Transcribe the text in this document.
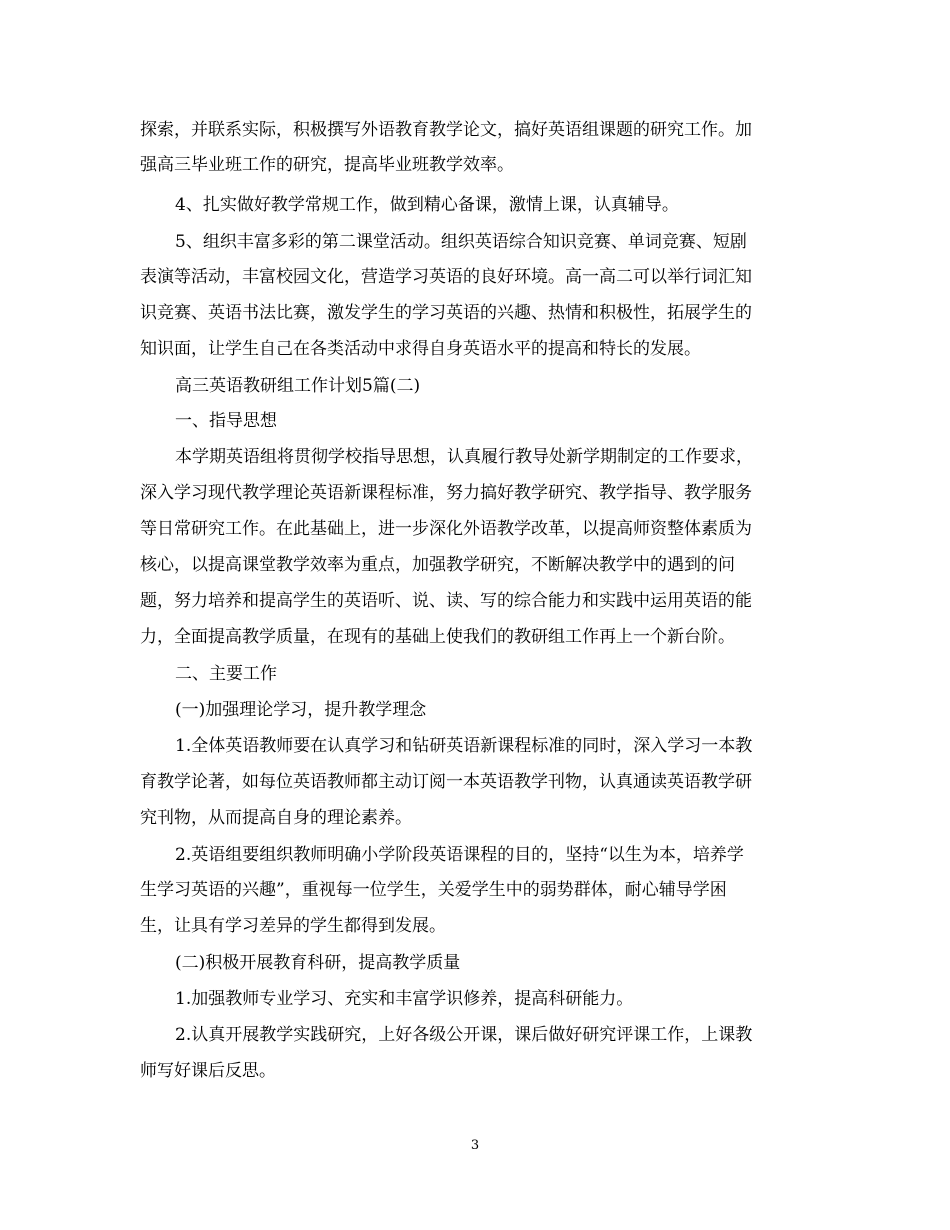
探索，并联系实际，积极撰写外语教育教学论文，搞好英语组课题的研究工作。加
强高三毕业班工作的研究，提高毕业班教学效率。
4、扎实做好教学常规工作，做到精心备课，激情上课，认真辅导。
5、组织丰富多彩的第二课堂活动。组织英语综合知识竞赛、单词竞赛、短剧
表演等活动，丰富校园文化，营造学习英语的良好环境。高一高二可以举行词汇知
识竞赛、英语书法比赛，激发学生的学习英语的兴趣、热情和积极性，拓展学生的
知识面，让学生自己在各类活动中求得自身英语水平的提高和特长的发展。
高三英语教研组工作计划5篇(二)
一、指导思想
本学期英语组将贯彻学校指导思想，认真履行教导处新学期制定的工作要求，
深入学习现代教学理论英语新课程标准，努力搞好教学研究、教学指导、教学服务
等日常研究工作。在此基础上，进一步深化外语教学改革，以提高师资整体素质为
核心，以提高课堂教学效率为重点，加强教学研究，不断解决教学中的遇到的问
题，努力培养和提高学生的英语听、说、读、写的综合能力和实践中运用英语的能
力，全面提高教学质量，在现有的基础上使我们的教研组工作再上一个新台阶。
二、主要工作
(一)加强理论学习，提升教学理念
1.全体英语教师要在认真学习和钻研英语新课程标准的同时，深入学习一本教
育教学论著，如每位英语教师都主动订阅一本英语教学刊物，认真通读英语教学研
究刊物，从而提高自身的理论素养。
2.英语组要组织教师明确小学阶段英语课程的目的，坚持“以生为本，培养学
生学习英语的兴趣”，重视每一位学生，关爱学生中的弱势群体，耐心辅导学困
生，让具有学习差异的学生都得到发展。
(二)积极开展教育科研，提高教学质量
1.加强教师专业学习、充实和丰富学识修养，提高科研能力。
2.认真开展教学实践研究，上好各级公开课，课后做好研究评课工作，上课教
师写好课后反思。
3
